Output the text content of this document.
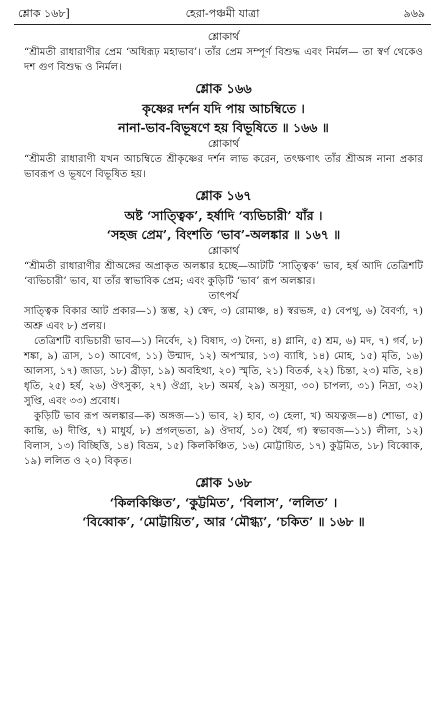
শ্লোক ১৬৮]	হেরা-পঞ্চমী যাত্রা	৯৬৯
শ্লোকার্থ
“শ্রীমতী রাধারাণীর প্রেম ‘অধিরূঢ় মহাভাব’। তাঁর প্রেম সম্পূর্ণ বিশুদ্ধ এবং নির্মল— তা স্বর্ণ থেকেও দশ গুণ বিশুদ্ধ ও নির্মল।
শ্লোক ১৬৬
কৃষ্ণের দর্শন যদি পায় আচম্বিতে ।
নানা-ভাব-বিভূষণে হয় বিভূষিতে ॥ ১৬৬ ॥
শ্লোকার্থ
“শ্রীমতী রাধারাণী যখন আচম্বিতে শ্রীকৃষ্ণের দর্শন লাভ করেন, তৎক্ষণাৎ তাঁর শ্রীঅঙ্গ নানা প্রকার ভাবরূপ ও ভূষণে বিভূষিত হয়।
শ্লোক ১৬৭
অষ্ট ‘সাত্ত্বিক’, হর্ষাদি ‘ব্যভিচারী’ যাঁর ।
‘সহজ প্রেম’, বিংশতি ‘ভাব’-অলঙ্কার ॥ ১৬৭ ॥
শ্লোকার্থ
“শ্রীমতী রাধারাণীর শ্রীঅঙ্গের অপ্রাকৃত অলঙ্কার হচ্ছে—আটটি ‘সাত্ত্বিক’ ভাব, হর্ষ আদি তেত্রিশটি ‘ব্যভিচারী’ ভাব, যা তাঁর স্বাভাবিক প্রেম; এবং কুড়িটি ‘ভাব’ রূপ অলঙ্কার।
তাৎপর্য
সাত্ত্বিক বিকার আট প্রকার—১) স্তম্ভ, ২) স্বেদ, ৩) রোমাঞ্চ, ৪) স্বরভঙ্গ, ৫) বেপথু, ৬) বৈবর্ণ্য, ৭) অশ্রু এবং ৮) প্রলয়।
তেত্রিশটি ব্যভিচারী ভাব—১) নির্বেদ, ২) বিষাদ, ৩) দৈন্য, ৪) গ্লানি, ৫) শ্রম, ৬) মদ, ৭) গর্ব, ৮) শঙ্কা, ৯) ত্রাস, ১০) আবেগ, ১১) উন্মাদ, ১২) অপস্মার, ১৩) ব্যাধি, ১৪) মোহ, ১৫) মৃতি, ১৬) আলস্য, ১৭) জাড্য, ১৮) ব্রীড়া, ১৯) অবহিত্থা, ২০) স্মৃতি, ২১) বিতর্ক, ২২) চিন্তা, ২৩) মতি, ২৪) ধৃতি, ২৫) হর্ষ, ২৬) ঔৎসুক্য, ২৭) ঔগ্র্য, ২৮) অমর্ষ, ২৯) অসূয়া, ৩০) চাপল্য, ৩১) নিদ্রা, ৩২) সুপ্তি, এবং ৩৩) প্রবোধ।
কুড়িটি ভাব রূপ অলঙ্কার—ক) অঙ্গজ—১) ভাব, ২) হাব, ৩) হেলা, খ) অযত্নজ—৪) শোভা, ৫) কান্তি, ৬) দীপ্তি, ৭) মাধুর্য, ৮) প্রগল্ভতা, ৯) ঔদার্য, ১০) ধৈর্য, গ) স্বভাবজ—১১) লীলা, ১২) বিলাস, ১৩) বিচ্ছিত্তি, ১৪) বিভ্রম, ১৫) কিলকিঞ্চিত, ১৬) মোট্টায়িত, ১৭) কুট্টমিত, ১৮) বিব্বোক, ১৯) ললিত ও ২০) বিকৃত।
শ্লোক ১৬৮
‘কিলকিঞ্চিত’, ‘কুট্টমিত’, ‘বিলাস’, ‘ললিত’ ।
‘বিব্বোক’, ‘মোট্টায়িত’, আর ‘মৌগ্ধ্য’, ‘চকিত’ ॥ ১৬৮ ॥
